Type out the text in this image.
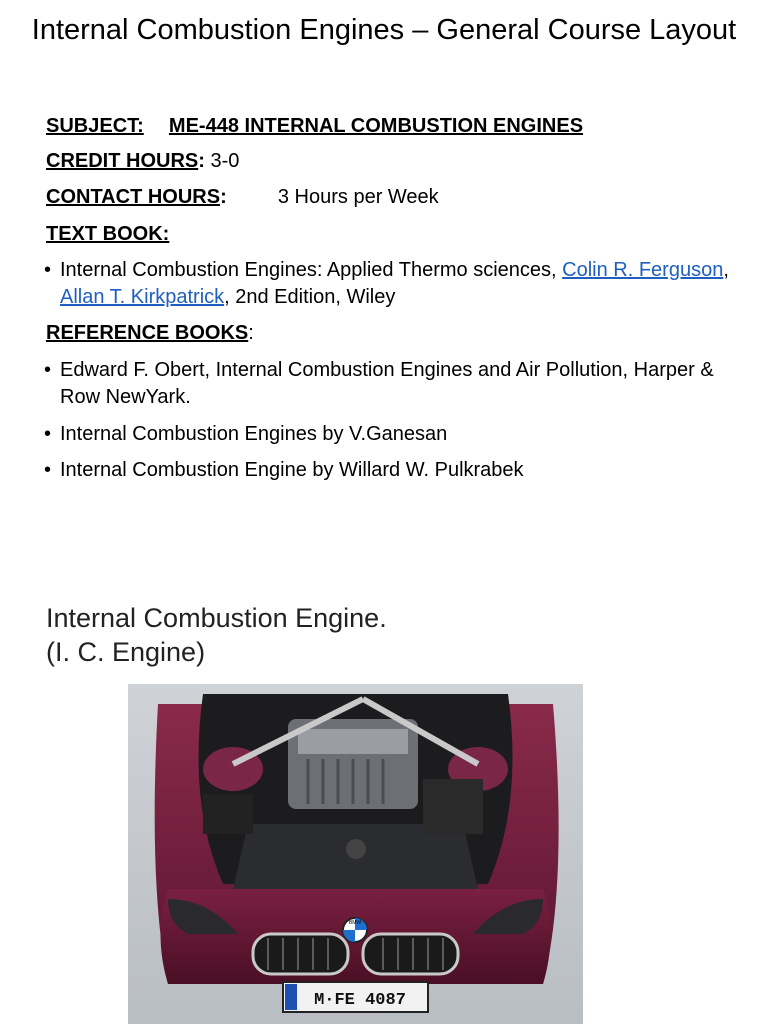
Internal Combustion Engines – General Course Layout
SUBJECT: ME-448 INTERNAL COMBUSTION ENGINES
CREDIT HOURS: 3-0
CONTACT HOURS:	3 Hours per Week
TEXT BOOK:
• Internal Combustion Engines: Applied Thermo sciences, Colin R. Ferguson, Allan T. Kirkpatrick, 2nd Edition, Wiley
REFERENCE BOOKS:
• Edward F. Obert, Internal Combustion Engines and Air Pollution, Harper & Row NewYark.
• Internal Combustion Engines by V.Ganesan
• Internal Combustion Engine by Willard W. Pulkrabek
Internal Combustion Engine.
(I. C. Engine)
BMW
M·FE 4087
